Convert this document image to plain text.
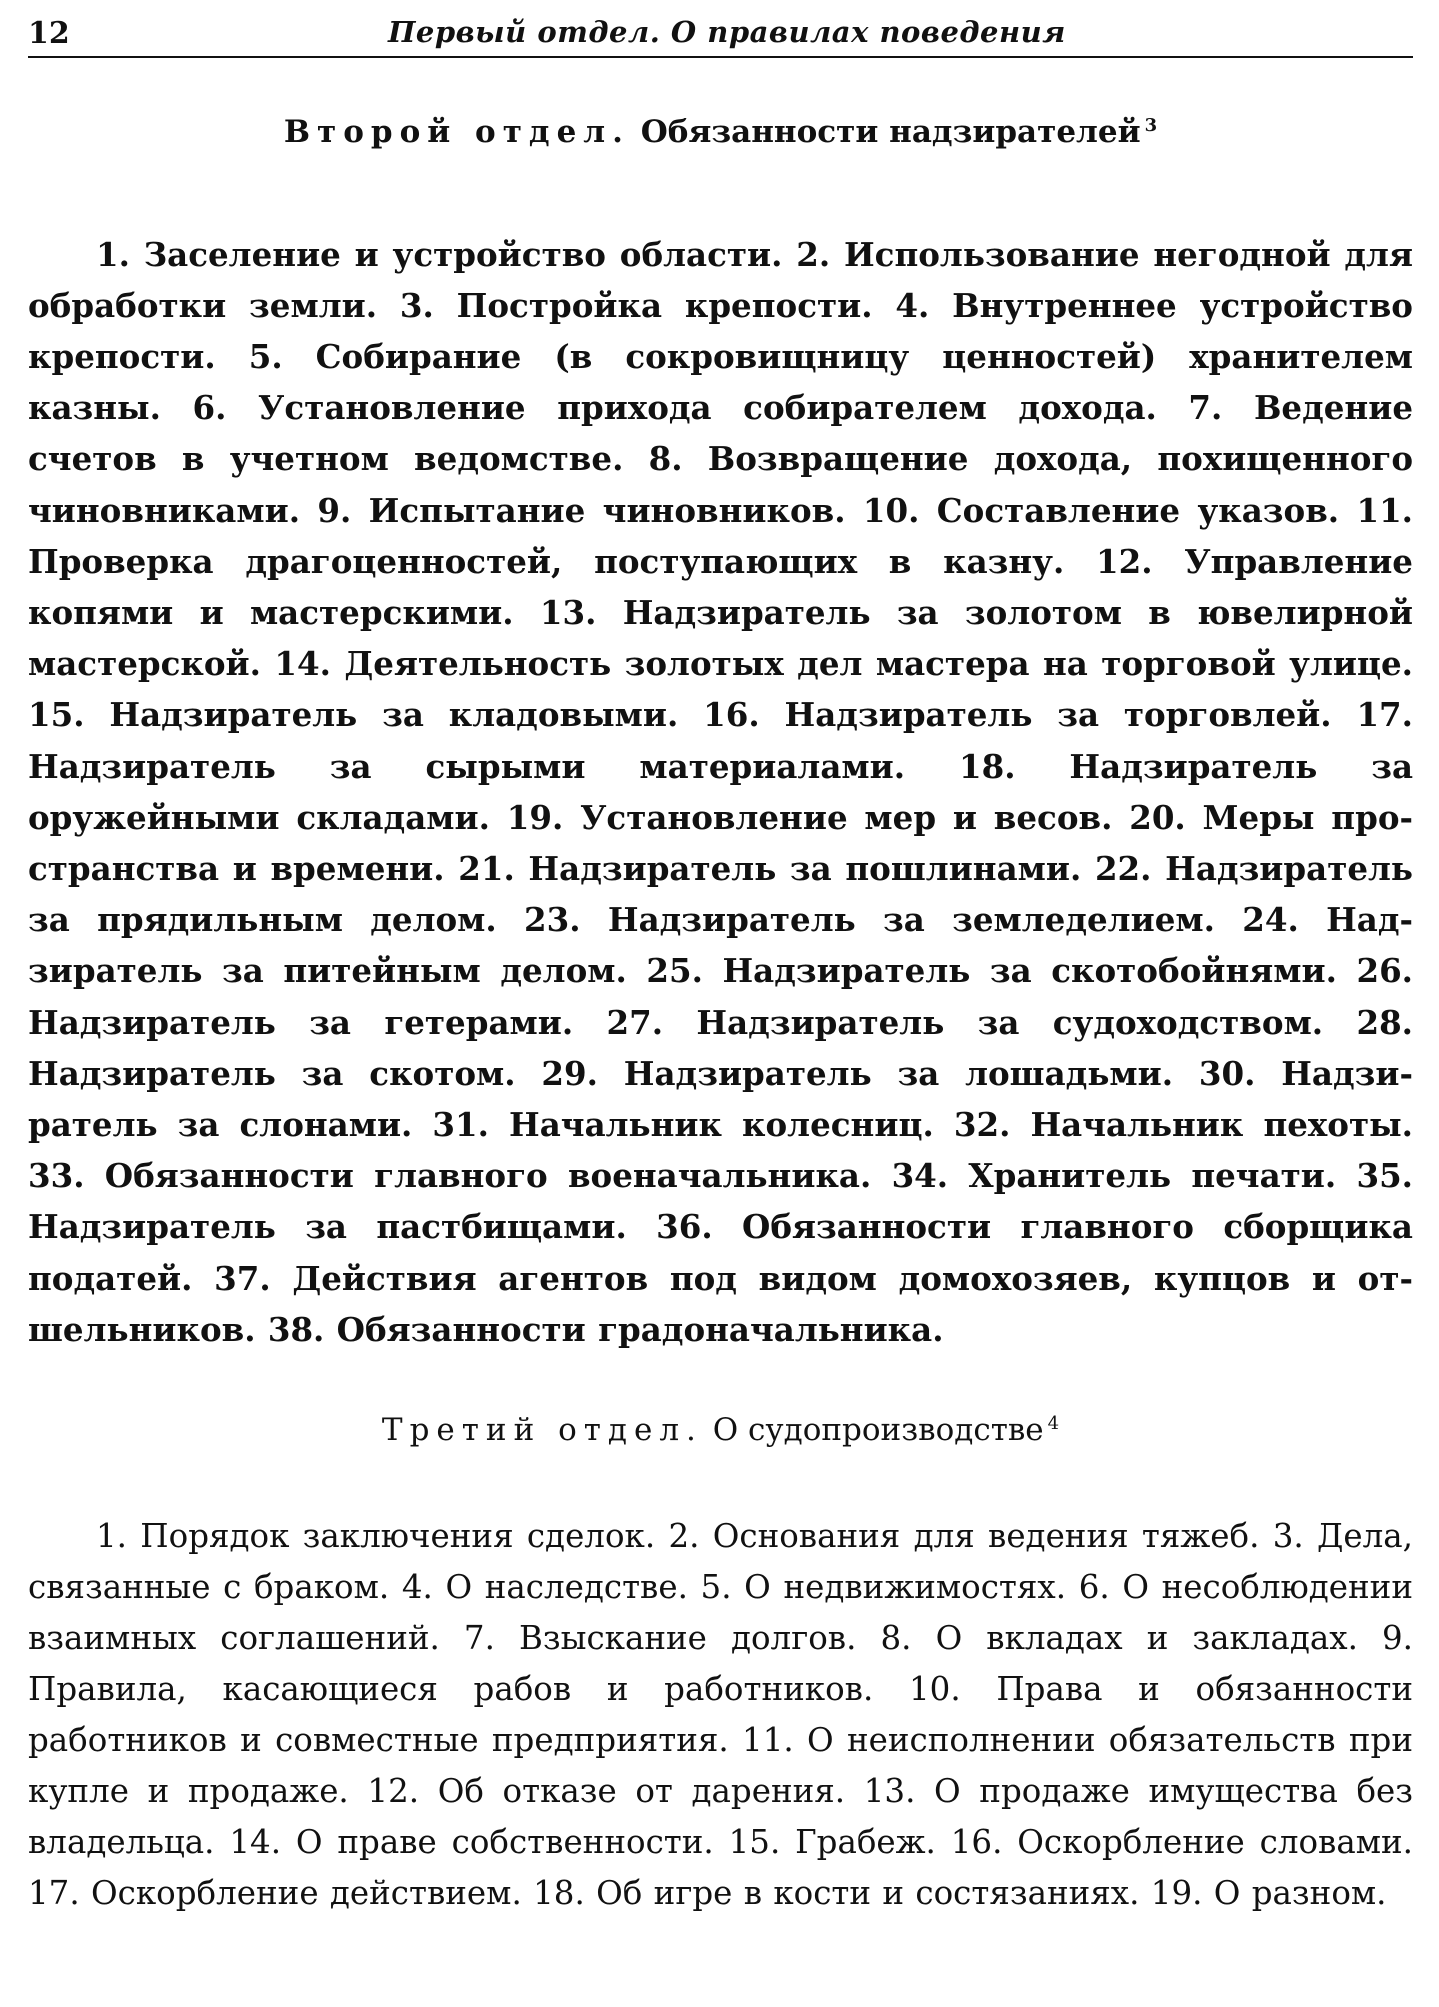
12	Первый отдел. О правилах поведения
Второй отдел. Обязанности надзирателей $^3$

1. Заселение и устройство области. 2. Использование негодной для обработки земли. 3. Постройка крепости. 4. Внутреннее устройство крепости. 5. Собирание (в сокровищницу ценностей) хранителем казны. 6. Установление прихода собирателем дохода. 7. Ведение счетов в учетном ведомстве. 8. Возвращение дохода, похищенного чиновниками. 9. Испытание чиновников. 10. Составление указов. 11. Проверка драгоценностей, поступающих в казну. 12. Управление копями и мастерскими. 13. Надзиратель за золотом в ювелирной мастерской. 14. Деятельность золотых дел мастера на торговой улице. 15. Надзиратель за кладовыми. 16. Надзиратель за торговлей. 17. Надзиратель за сырыми материалами. 18. Надзиратель за оружейными складами. 19. Установление мер и весов. 20. Меры пространства и времени. 21. Надзиратель за пошлинами. 22. Надзиратель за прядильным делом. 23. Надзиратель за земледелием. 24. Надзиратель за питейным делом. 25. Надзиратель за скотобойнями. 26. Надзиратель за гетерами. 27. Надзиратель за судоходством. 28. Надзиратель за скотом. 29. Надзиратель за лошадьми. 30. Надзиратель за слонами. 31. Начальник колесниц. 32. Начальник пехоты. 33. Обязанности главного военачальника. 34. Хранитель печати. 35. Надзиратель за пастбищами. 36. Обязанности главного сборщика податей. 37. Действия агентов под видом домохозяев, купцов и отшельников. 38. Обязанности градоначальника.

Третий отдел. О судопроизводстве $^4$

1. Порядок заключения сделок. 2. Основания для ведения тяжеб. 3. Дела, связанные с браком. 4. О наследстве. 5. О недвижимостях. 6. О несоблюдении взаимных соглашений. 7. Взыскание долгов. 8. О вкладах и закладах. 9. Правила, касающиеся рабов и работников. 10. Права и обязанности работников и совместные предприятия. 11. О неисполнении обязательств при купле и продаже. 12. Об отказе от дарения. 13. О продаже имущества без владельца. 14. О праве собственности. 15. Грабеж. 16. Оскорбление словами. 17. Оскорбление действием. 18. Об игре в кости и состязаниях. 19. О разном.
